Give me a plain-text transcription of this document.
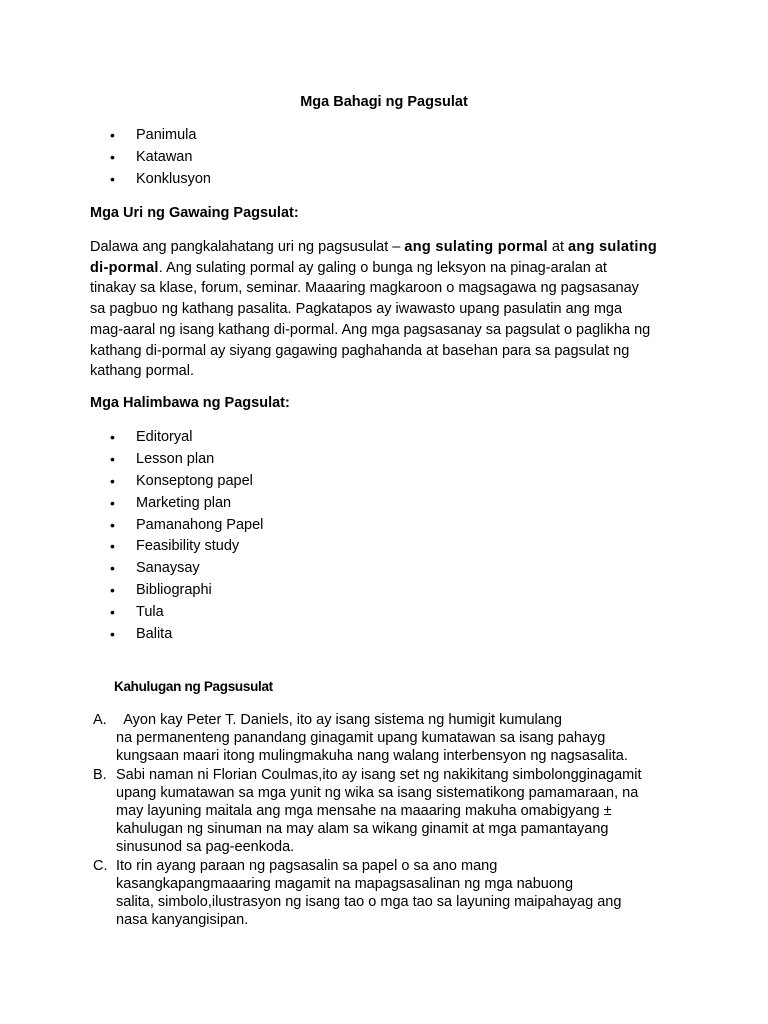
Mga Bahagi ng Pagsulat
• Panimula
• Katawan
• Konklusyon
Mga Uri ng Gawaing Pagsulat:
Dalawa ang pangkalahatang uri ng pagsusulat – ang sulating pormal at ang sulating
di-pormal. Ang sulating pormal ay galing o bunga ng leksyon na pinag-aralan at
tinakay sa klase, forum, seminar. Maaaring magkaroon o magsagawa ng pagsasanay
sa pagbuo ng kathang pasalita. Pagkatapos ay iwawasto upang pasulatin ang mga
mag-aaral ng isang kathang di-pormal. Ang mga pagsasanay sa pagsulat o paglikha ng
kathang di-pormal ay siyang gagawing paghahanda at basehan para sa pagsulat ng
kathang pormal.
Mga Halimbawa ng Pagsulat:
• Editoryal
• Lesson plan
• Konseptong papel
• Marketing plan
• Pamanahong Papel
• Feasibility study
• Sanaysay
• Bibliographi
• Tula
• Balita
Kahulugan ng Pagsusulat
A. Ayon kay Peter T. Daniels, ito ay isang sistema ng humigit kumulang
na permanenteng panandang ginagamit upang kumatawan sa isang pahayg
kungsaan maari itong mulingmakuha nang walang interbensyon ng nagsasalita.
B. Sabi naman ni Florian Coulmas,ito ay isang set ng nakikitang simbolongginagamit
upang kumatawan sa mga yunit ng wika sa isang sistematikong pamamaraan, na
may layuning maitala ang mga mensahe na maaaring makuha omabigyang ±
kahulugan ng sinuman na may alam sa wikang ginamit at mga pamantayang
sinusunod sa pag-eenkoda.
C. Ito rin ayang paraan ng pagsasalin sa papel o sa ano mang
kasangkapangmaaaring magamit na mapagsasalinan ng mga nabuong
salita, simbolo,ilustrasyon ng isang tao o mga tao sa layuning maipahayag ang
nasa kanyangisipan.
